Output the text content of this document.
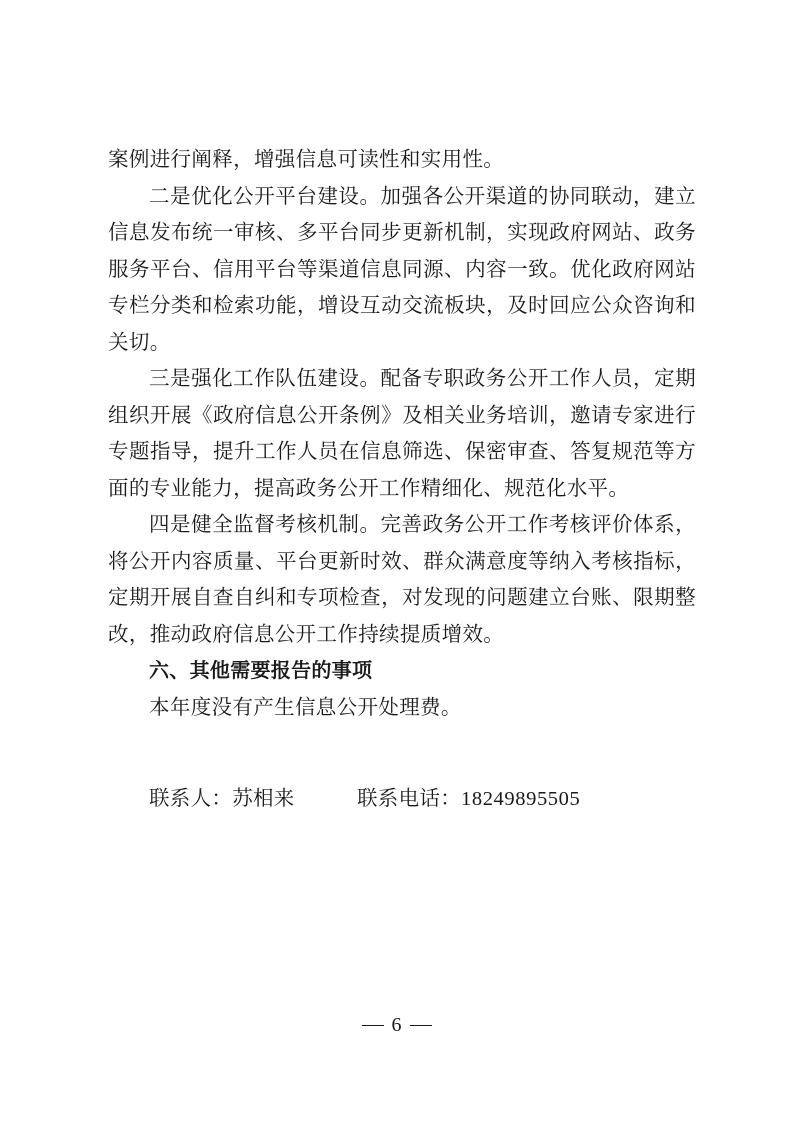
案例进行阐释，增强信息可读性和实用性。

二是优化公开平台建设。加强各公开渠道的协同联动，建立信息发布统一审核、多平台同步更新机制，实现政府网站、政务服务平台、信用平台等渠道信息同源、内容一致。优化政府网站专栏分类和检索功能，增设互动交流板块，及时回应公众咨询和关切。

三是强化工作队伍建设。配备专职政务公开工作人员，定期组织开展《政府信息公开条例》及相关业务培训，邀请专家进行专题指导，提升工作人员在信息筛选、保密审查、答复规范等方面的专业能力，提高政务公开工作精细化、规范化水平。

四是健全监督考核机制。完善政务公开工作考核评价体系，将公开内容质量、平台更新时效、群众满意度等纳入考核指标，定期开展自查自纠和专项检查，对发现的问题建立台账、限期整改，推动政府信息公开工作持续提质增效。

六、其他需要报告的事项

本年度没有产生信息公开处理费。

联系人：苏相来	联系电话：18249895505
6
